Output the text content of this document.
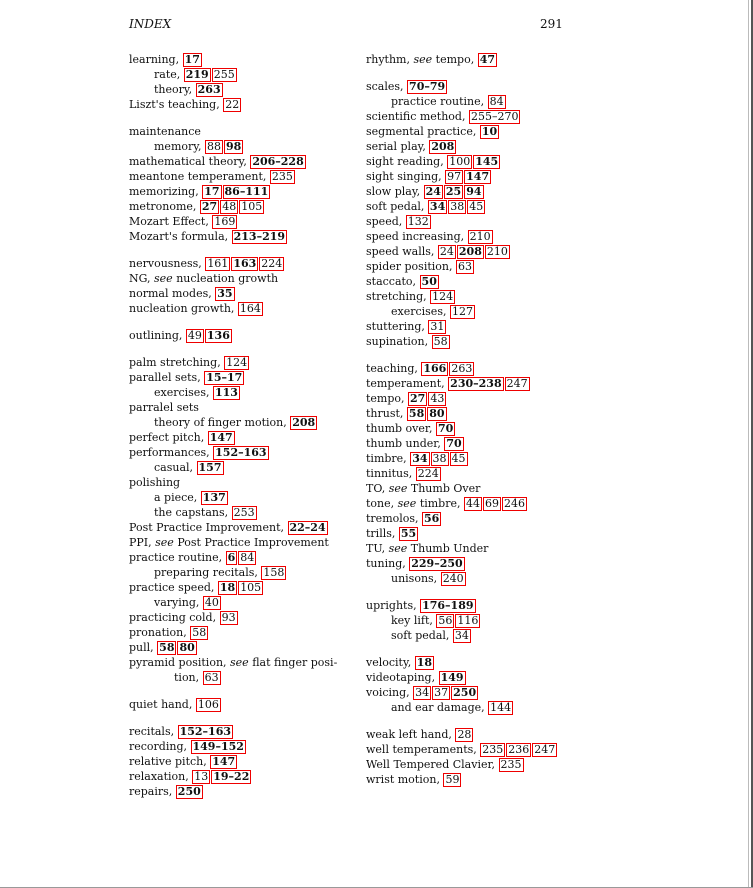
INDEX	291
learning, 17
rate, 219 255
theory, 263
Liszt's teaching, 22
maintenance
memory, 88 98
mathematical theory, 206–228
meantone temperament, 235
memorizing, 17 86–111
metronome, 27 48 105
Mozart Effect, 169
Mozart's formula, 213–219
nervousness, 161 163 224
NG, see nucleation growth
normal modes, 35
nucleation growth, 164
outlining, 49 136
palm stretching, 124
parallel sets, 15–17
exercises, 113
parralel sets
theory of finger motion, 208
perfect pitch, 147
performances, 152–163
casual, 157
polishing
a piece, 137
the capstans, 253
Post Practice Improvement, 22–24
PPI, see Post Practice Improvement
practice routine, 6 84
preparing recitals, 158
practice speed, 18 105
varying, 40
practicing cold, 93
pronation, 58
pull, 58 80
pyramid position, see flat finger posi-
tion, 63
quiet hand, 106
recitals, 152–163
recording, 149–152
relative pitch, 147
relaxation, 13 19–22
repairs, 250
rhythm, see tempo, 47
scales, 70–79
practice routine, 84
scientific method, 255–270
segmental practice, 10
serial play, 208
sight reading, 100 145
sight singing, 97 147
slow play, 24 25 94
soft pedal, 34 38 45
speed, 132
speed increasing, 210
speed walls, 24 208 210
spider position, 63
staccato, 50
stretching, 124
exercises, 127
stuttering, 31
supination, 58
teaching, 166 263
temperament, 230–238 247
tempo, 27 43
thrust, 58 80
thumb over, 70
thumb under, 70
timbre, 34 38 45
tinnitus, 224
TO, see Thumb Over
tone, see timbre, 44 69 246
tremolos, 56
trills, 55
TU, see Thumb Under
tuning, 229–250
unisons, 240
uprights, 176–189
key lift, 56 116
soft pedal, 34
velocity, 18
videotaping, 149
voicing, 34 37 250
and ear damage, 144
weak left hand, 28
well temperaments, 235 236 247
Well Tempered Clavier, 235
wrist motion, 59
